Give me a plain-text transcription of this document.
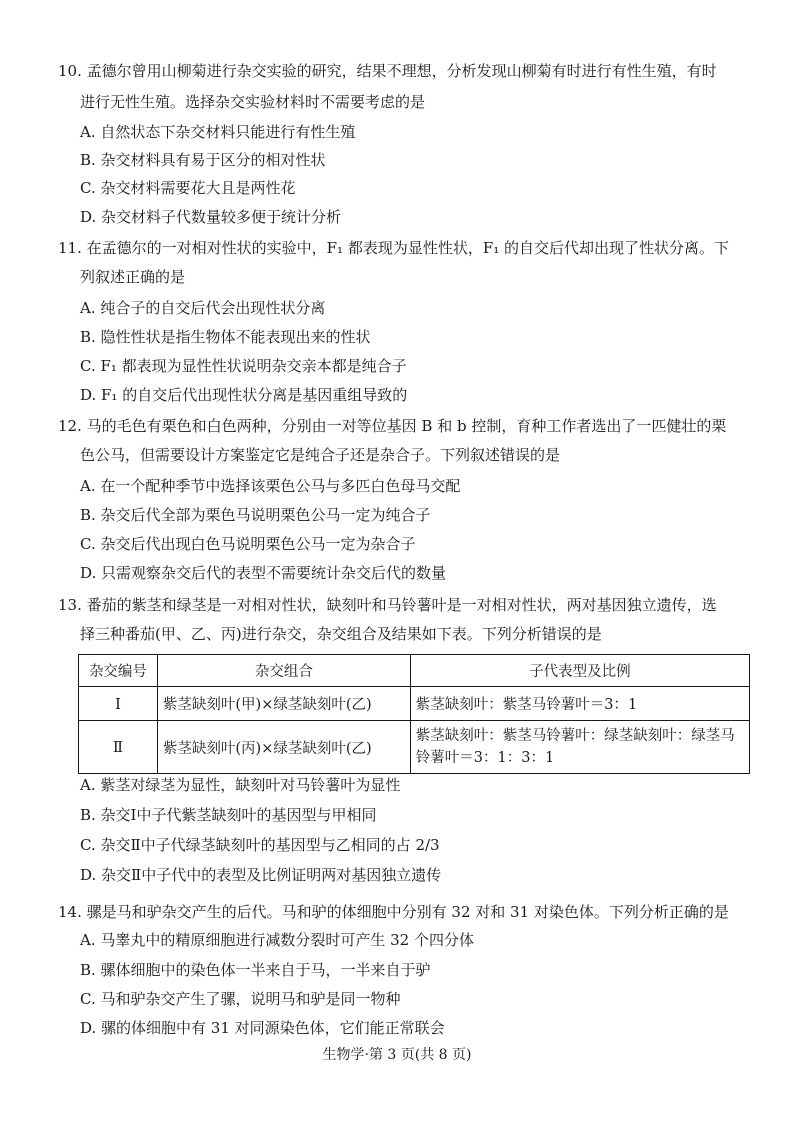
10. 孟德尔曾用山柳菊进行杂交实验的研究，结果不理想，分析发现山柳菊有时进行有性生殖，有时
进行无性生殖。选择杂交实验材料时不需要考虑的是
A. 自然状态下杂交材料只能进行有性生殖
B. 杂交材料具有易于区分的相对性状
C. 杂交材料需要花大且是两性花
D. 杂交材料子代数量较多便于统计分析
11. 在孟德尔的一对相对性状的实验中，F₁ 都表现为显性性状，F₁ 的自交后代却出现了性状分离。下
列叙述正确的是
A. 纯合子的自交后代会出现性状分离
B. 隐性性状是指生物体不能表现出来的性状
C. F₁ 都表现为显性性状说明杂交亲本都是纯合子
D. F₁ 的自交后代出现性状分离是基因重组导致的
12. 马的毛色有栗色和白色两种，分别由一对等位基因 B 和 b 控制，育种工作者选出了一匹健壮的栗
色公马，但需要设计方案鉴定它是纯合子还是杂合子。下列叙述错误的是
A. 在一个配种季节中选择该栗色公马与多匹白色母马交配
B. 杂交后代全部为栗色马说明栗色公马一定为纯合子
C. 杂交后代出现白色马说明栗色公马一定为杂合子
D. 只需观察杂交后代的表型不需要统计杂交后代的数量
13. 番茄的紫茎和绿茎是一对相对性状，缺刻叶和马铃薯叶是一对相对性状，两对基因独立遗传，选
择三种番茄(甲、乙、丙)进行杂交，杂交组合及结果如下表。下列分析错误的是
杂交编号	杂交组合	子代表型及比例
Ⅰ	紫茎缺刻叶(甲)×绿茎缺刻叶(乙)	紫茎缺刻叶：紫茎马铃薯叶＝3：1
Ⅱ	紫茎缺刻叶(丙)×绿茎缺刻叶(乙)	紫茎缺刻叶：紫茎马铃薯叶：绿茎缺刻叶：绿茎马铃薯叶＝3：1：3：1
A. 紫茎对绿茎为显性，缺刻叶对马铃薯叶为显性
B. 杂交Ⅰ中子代紫茎缺刻叶的基因型与甲相同
C. 杂交Ⅱ中子代绿茎缺刻叶的基因型与乙相同的占 2/3
D. 杂交Ⅱ中子代中的表型及比例证明两对基因独立遗传
14. 骡是马和驴杂交产生的后代。马和驴的体细胞中分别有 32 对和 31 对染色体。下列分析正确的是
A. 马睾丸中的精原细胞进行减数分裂时可产生 32 个四分体
B. 骡体细胞中的染色体一半来自于马，一半来自于驴
C. 马和驴杂交产生了骡，说明马和驴是同一物种
D. 骡的体细胞中有 31 对同源染色体，它们能正常联会
生物学·第 3 页(共 8 页)
